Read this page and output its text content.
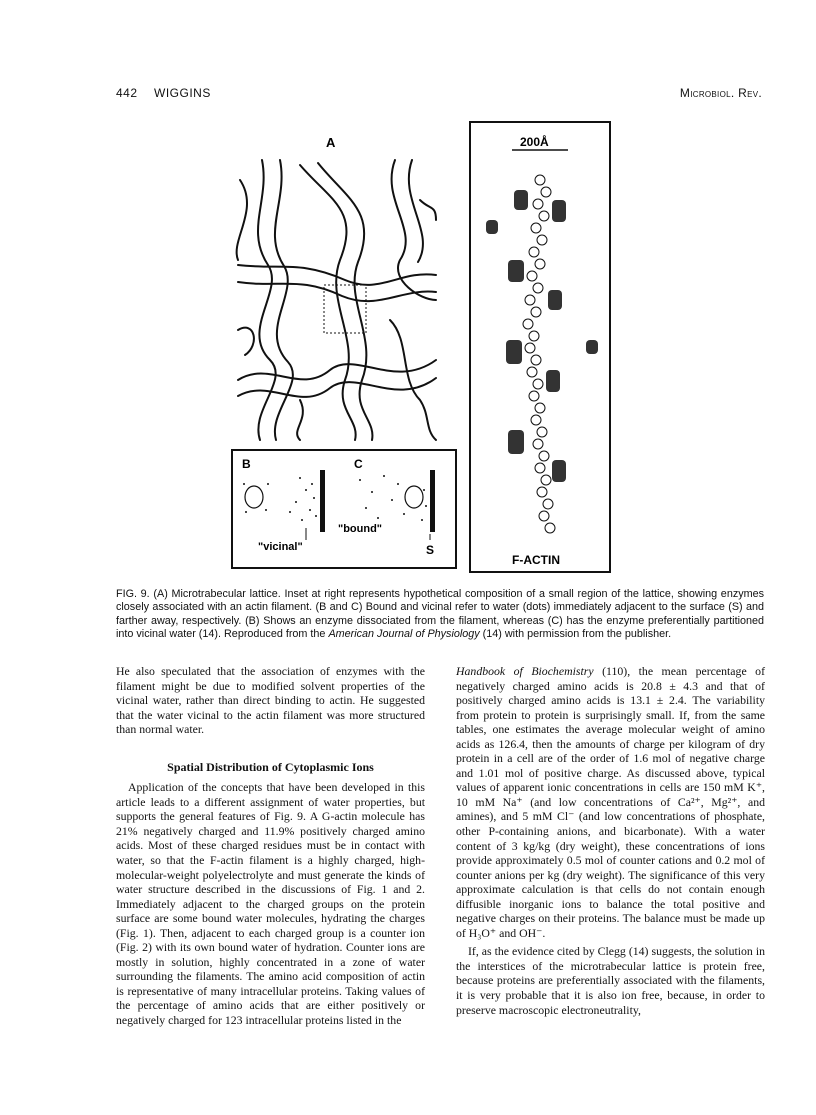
442 WIGGINS	Microbiol. Rev.
A
B	C
"bound"
"vicinal"	S
200Å
F-ACTIN
FIG. 9. (A) Microtrabecular lattice. Inset at right represents hypothetical composition of a small region of the lattice, showing enzymes closely associated with an actin filament. (B and C) Bound and vicinal refer to water (dots) immediately adjacent to the surface (S) and farther away, respectively. (B) Shows an enzyme dissociated from the filament, whereas (C) has the enzyme preferentially partitioned into vicinal water (14). Reproduced from the American Journal of Physiology (14) with permission from the publisher.

He also speculated that the association of enzymes with the filament might be due to modified solvent properties of the vicinal water, rather than direct binding to actin. He suggested that the water vicinal to the actin filament was more structured than normal water.

Spatial Distribution of Cytoplasmic Ions

Application of the concepts that have been developed in this article leads to a different assignment of water properties, but supports the general features of Fig. 9. A G-actin molecule has 21% negatively charged and 11.9% positively charged amino acids. Most of these charged residues must be in contact with water, so that the F-actin filament is a highly charged, high-molecular-weight polyelectrolyte and must generate the kinds of water structure described in the discussions of Fig. 1 and 2. Immediately adjacent to the charged groups on the protein surface are some bound water molecules, hydrating the charges (Fig. 1). Then, adjacent to each charged group is a counter ion (Fig. 2) with its own bound water of hydration. Counter ions are mostly in solution, highly concentrated in a zone of water surrounding the filaments. The amino acid composition of actin is representative of many intracellular proteins. Taking values of the percentage of amino acids that are either positively or negatively charged for 123 intracellular proteins listed in the

Handbook of Biochemistry (110), the mean percentage of negatively charged amino acids is 20.8 ± 4.3 and that of positively charged amino acids is 13.1 ± 2.4. The variability from protein to protein is surprisingly small. If, from the same tables, one estimates the average molecular weight of amino acids as 126.4, then the amounts of charge per kilogram of dry protein in a cell are of the order of 1.6 mol of negative charge and 1.01 mol of positive charge. As discussed above, typical values of apparent ionic concentrations in cells are 150 mM K⁺, 10 mM Na⁺ (and low concentrations of Ca²⁺, Mg²⁺, and amines), and 5 mM Cl⁻ (and low concentrations of phosphate, other P-containing anions, and bicarbonate). With a water content of 3 kg/kg (dry weight), these concentrations of ions provide approximately 0.5 mol of counter cations and 0.2 mol of counter anions per kg (dry weight). The significance of this very approximate calculation is that cells do not contain enough diffusible inorganic ions to balance the total positive and negative charges on their proteins. The balance must be made up of H₃O⁺ and OH⁻.

If, as the evidence cited by Clegg (14) suggests, the solution in the interstices of the microtrabecular lattice is protein free, because proteins are preferentially associated with the filaments, it is very probable that it is also ion free, because, in order to preserve macroscopic electroneutrality,
